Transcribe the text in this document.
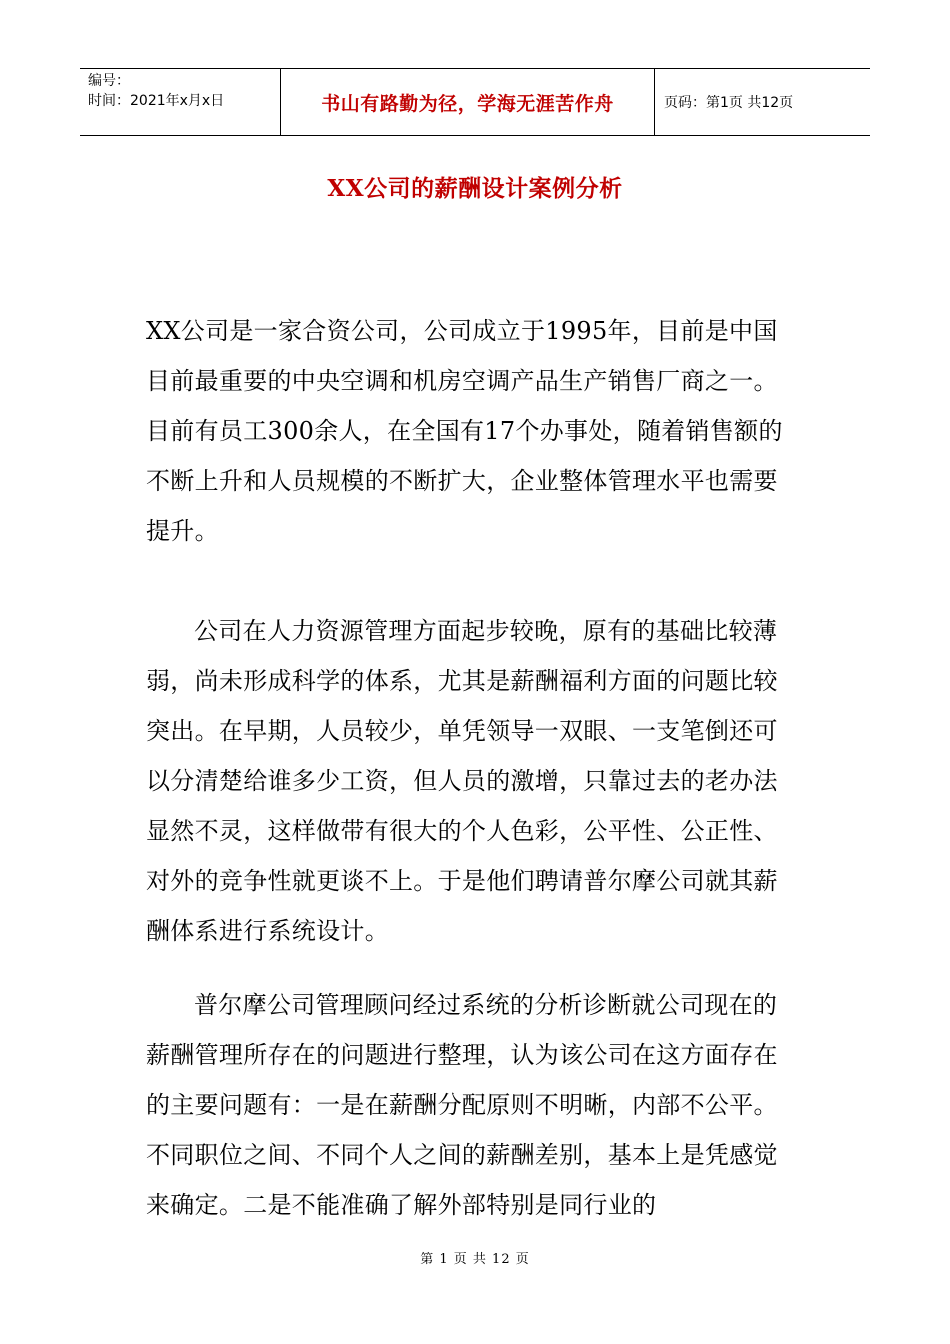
编号：
时间：2021年x月x日	书山有路勤为径，学海无涯苦作舟	页码：第1页 共12页
XX公司的薪酬设计案例分析

XX公司是一家合资公司，公司成立于1995年，目前是中国目前最重要的中央空调和机房空调产品生产销售厂商之一。目前有员工300余人，在全国有17个办事处，随着销售额的不断上升和人员规模的不断扩大，企业整体管理水平也需要提升。

公司在人力资源管理方面起步较晚，原有的基础比较薄弱，尚未形成科学的体系，尤其是薪酬福利方面的问题比较突出。在早期，人员较少，单凭领导一双眼、一支笔倒还可以分清楚给谁多少工资，但人员的激增，只靠过去的老办法显然不灵，这样做带有很大的个人色彩，公平性、公正性、对外的竞争性就更谈不上。于是他们聘请普尔摩公司就其薪酬体系进行系统设计。

普尔摩公司管理顾问经过系统的分析诊断就公司现在的薪酬管理所存在的问题进行整理，认为该公司在这方面存在的主要问题有：一是在薪酬分配原则不明晰，内部不公平。不同职位之间、不同个人之间的薪酬差别，基本上是凭感觉来确定。二是不能准确了解外部特别是同行业的

第 1 页 共 12 页
